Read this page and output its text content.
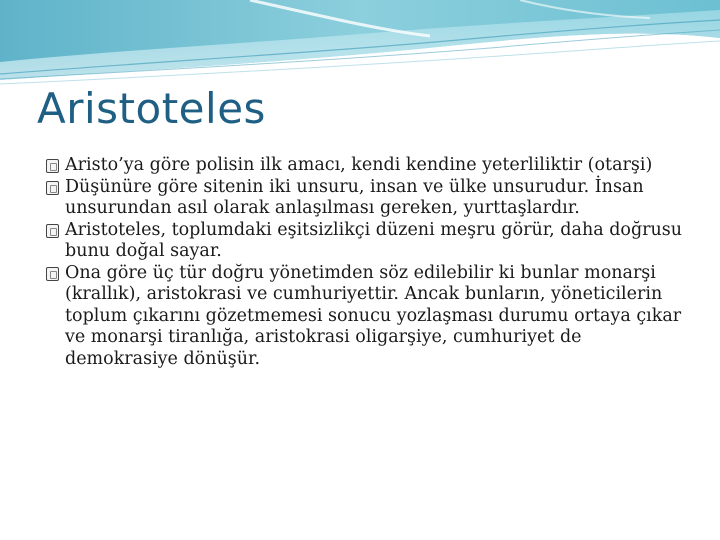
Aristoteles
Aristo’ya göre polisin ilk amacı, kendi kendine yeterliliktir (otarşi)
Düşünüre göre sitenin iki unsuru, insan ve ülke unsurudur. İnsan unsurundan asıl olarak anlaşılması gereken, yurttaşlardır.
Aristoteles, toplumdaki eşitsizlikçi düzeni meşru görür, daha doğrusu bunu doğal sayar.
Ona göre üç tür doğru yönetimden söz edilebilir ki bunlar monarşi (krallık), aristokrasi ve cumhuriyettir. Ancak bunların, yöneticilerin toplum çıkarını gözetmemesi sonucu yozlaşması durumu ortaya çıkar ve monarşi tiranlığa, aristokrasi oligarşiye, cumhuriyet de demokrasiye dönüşür.
